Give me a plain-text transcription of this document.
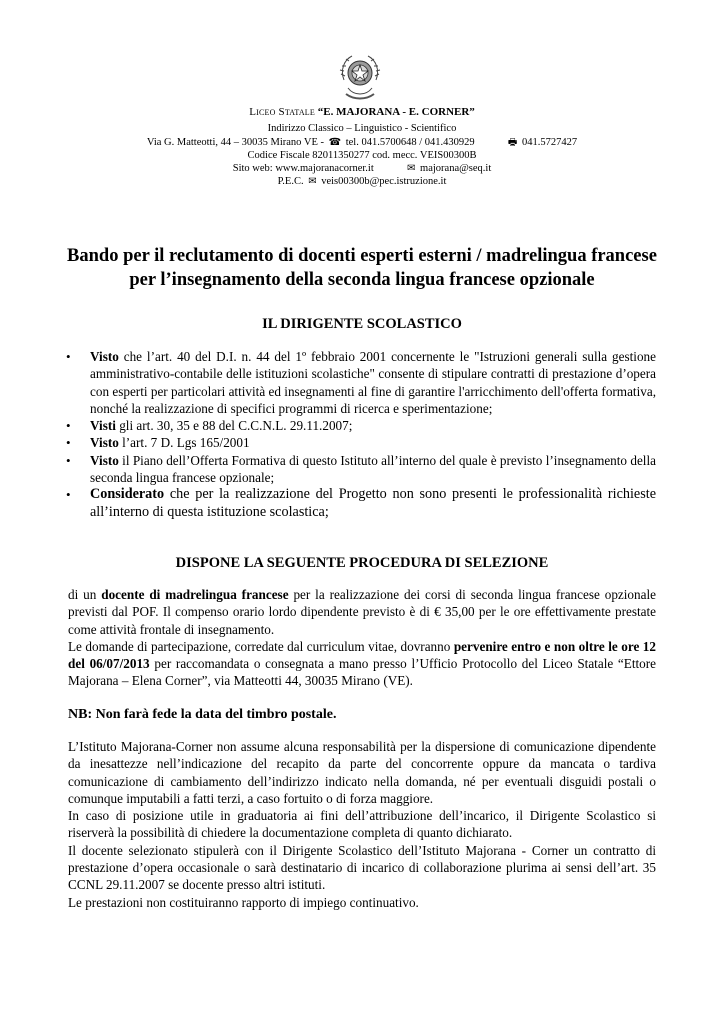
Liceo Statale “E. MAJORANA - E. CORNER”
Indirizzo Classico – Linguistico - Scientifico
Via G. Matteotti, 44 – 30035 Mirano VE - ☎ tel. 041.5700648 / 041.430929	🖶 041.5727427
Codice Fiscale 82011350277 cod. mecc. VEIS00300B
Sito web: www.majoranacorner.it	✉ majorana@seq.it
P.E.C. ✉ veis00300b@pec.istruzione.it
Bando per il reclutamento di docenti esperti esterni / madrelingua francese
per l’insegnamento della seconda lingua francese opzionale
IL DIRIGENTE SCOLASTICO

• Visto che l’art. 40 del D.I. n. 44 del 1º febbraio 2001 concernente le "Istruzioni generali sulla gestione amministrativo-contabile delle istituzioni scolastiche" consente di stipulare contratti di prestazione d’opera con esperti per particolari attività ed insegnamenti al fine di garantire l'arricchimento dell'offerta formativa, nonché la realizzazione di specifici programmi di ricerca e sperimentazione;

• Visti gli art. 30, 35 e 88 del C.C.N.L. 29.11.2007;

• Visto l’art. 7 D. Lgs 165/2001

• Visto il Piano dell’Offerta Formativa di questo Istituto all’interno del quale è previsto l’insegnamento della seconda lingua francese opzionale;

• Considerato che per la realizzazione del Progetto non sono presenti le professionalità richieste all’interno di questa istituzione scolastica;

DISPONE LA SEGUENTE PROCEDURA DI SELEZIONE

di un docente di madrelingua francese per la realizzazione dei corsi di seconda lingua francese opzionale previsti dal POF. Il compenso orario lordo dipendente previsto è di € 35,00 per le ore effettivamente prestate come attività frontale di insegnamento.

Le domande di partecipazione, corredate dal curriculum vitae, dovranno pervenire entro e non oltre le ore 12 del 06/07/2013 per raccomandata o consegnata a mano presso l’Ufficio Protocollo del Liceo Statale “Ettore Majorana – Elena Corner”, via Matteotti 44, 30035 Mirano (VE).

NB: Non farà fede la data del timbro postale.

L’Istituto Majorana-Corner non assume alcuna responsabilità per la dispersione di comunicazione dipendente da inesattezze nell’indicazione del recapito da parte del concorrente oppure da mancata o tardiva comunicazione di cambiamento dell’indirizzo indicato nella domanda, né per eventuali disguidi postali o comunque imputabili a fatti terzi, a caso fortuito o di forza maggiore.

In caso di posizione utile in graduatoria ai fini dell’attribuzione dell’incarico, il Dirigente Scolastico si riserverà la possibilità di chiedere la documentazione completa di quanto dichiarato.

Il docente selezionato stipulerà con il Dirigente Scolastico dell’Istituto Majorana - Corner un contratto di prestazione d’opera occasionale o sarà destinatario di incarico di collaborazione plurima ai sensi dell’art. 35 CCNL 29.11.2007 se docente presso altri istituti.

Le prestazioni non costituiranno rapporto di impiego continuativo.
